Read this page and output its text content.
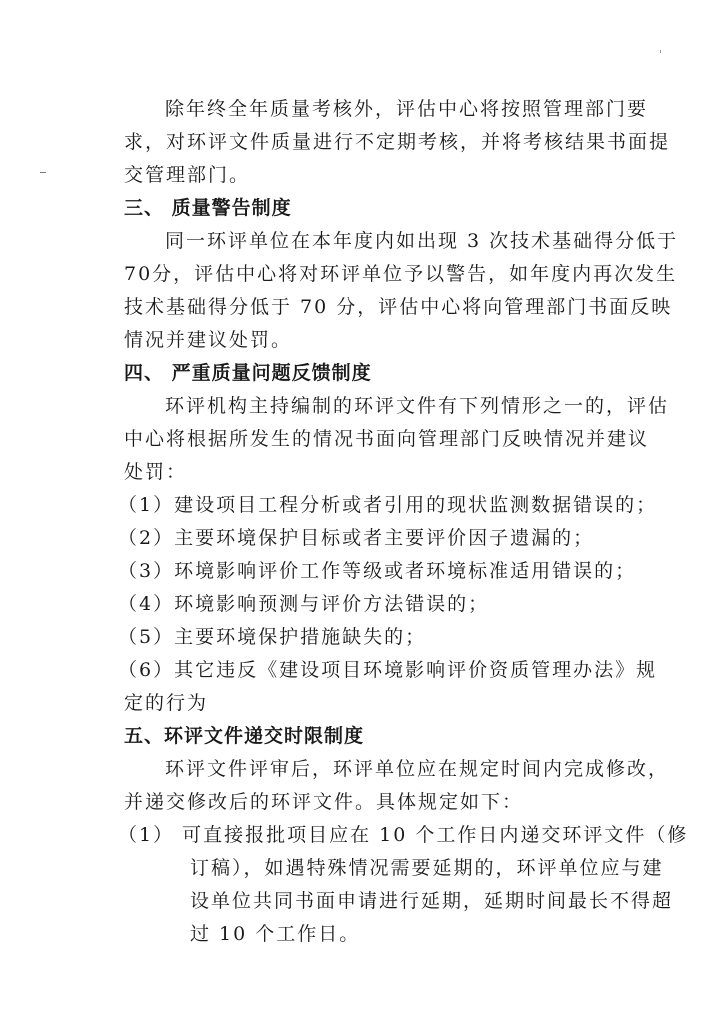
除年终全年质量考核外，评估中心将按照管理部门要
求，对环评文件质量进行不定期考核，并将考核结果书面提
交管理部门。
三、 质量警告制度
同一环评单位在本年度内如出现 3 次技术基础得分低于
70分，评估中心将对环评单位予以警告，如年度内再次发生
技术基础得分低于 70 分，评估中心将向管理部门书面反映
情况并建议处罚。
四、 严重质量问题反馈制度
环评机构主持编制的环评文件有下列情形之一的，评估
中心将根据所发生的情况书面向管理部门反映情况并建议
处罚：
（1）建设项目工程分析或者引用的现状监测数据错误的；
（2）主要环境保护目标或者主要评价因子遗漏的；
（3）环境影响评价工作等级或者环境标准适用错误的；
（4）环境影响预测与评价方法错误的；
（5）主要环境保护措施缺失的；
（6）其它违反《建设项目环境影响评价资质管理办法》规
定的行为
五、环评文件递交时限制度
环评文件评审后，环评单位应在规定时间内完成修改，
并递交修改后的环评文件。具体规定如下：
（1） 可直接报批项目应在 10 个工作日内递交环评文件（修
订稿），如遇特殊情况需要延期的，环评单位应与建
设单位共同书面申请进行延期，延期时间最长不得超
过 10 个工作日。
